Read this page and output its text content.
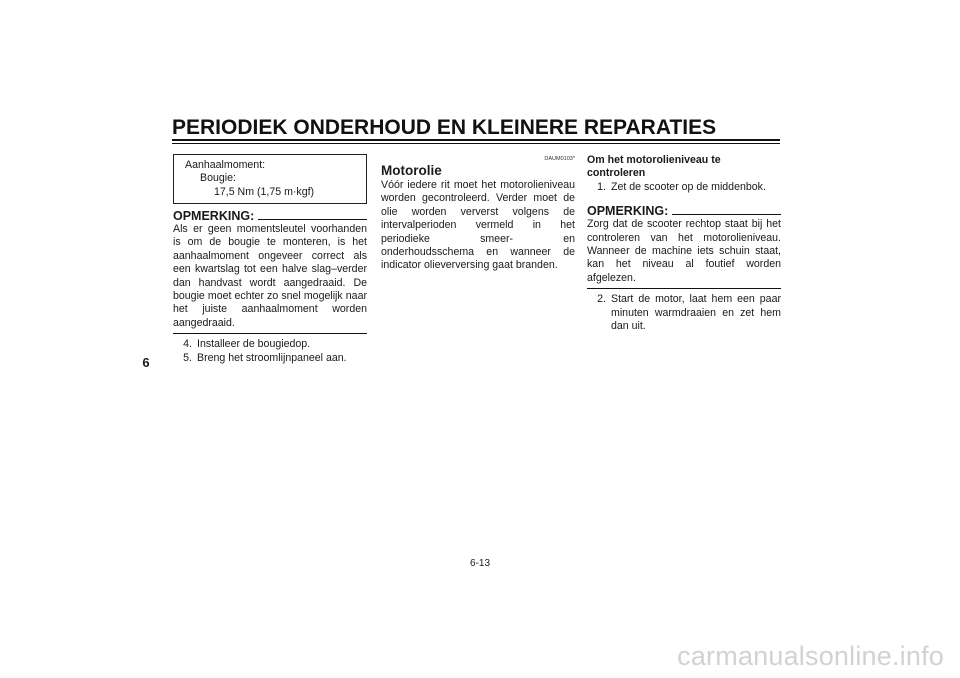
PERIODIEK ONDERHOUD EN KLEINERE REPARATIES
6
Aanhaalmoment:
Bougie:
17,5 Nm (1,75 m·kgf)
OPMERKING:
Als er geen momentsleutel voorhanden is om de bougie te monteren, is het aanhaalmoment ongeveer correct als een kwartslag tot een halve slag–verder dan handvast wordt aangedraaid. De bougie moet echter zo snel mogelijk naar het juiste aanhaalmoment worden aangedraaid.
4. Installeer de bougiedop.
5. Breng het stroomlijnpaneel aan.
DAUM0103*
Motorolie
Vóór iedere rit moet het motorolieniveau worden gecontroleerd. Verder moet de olie worden ververst volgens de intervalperioden vermeld in het periodieke smeer- en onderhoudsschema en wanneer de indicator olieverversing gaat branden.
Om het motorolieniveau te controleren
1. Zet de scooter op de middenbok.
OPMERKING:
Zorg dat de scooter rechtop staat bij het controleren van het motorolieniveau. Wanneer de machine iets schuin staat, kan het niveau al foutief worden afgelezen.
2. Start de motor, laat hem een paar minuten warmdraaien en zet hem dan uit.
6-13
carmanualsonline.info
